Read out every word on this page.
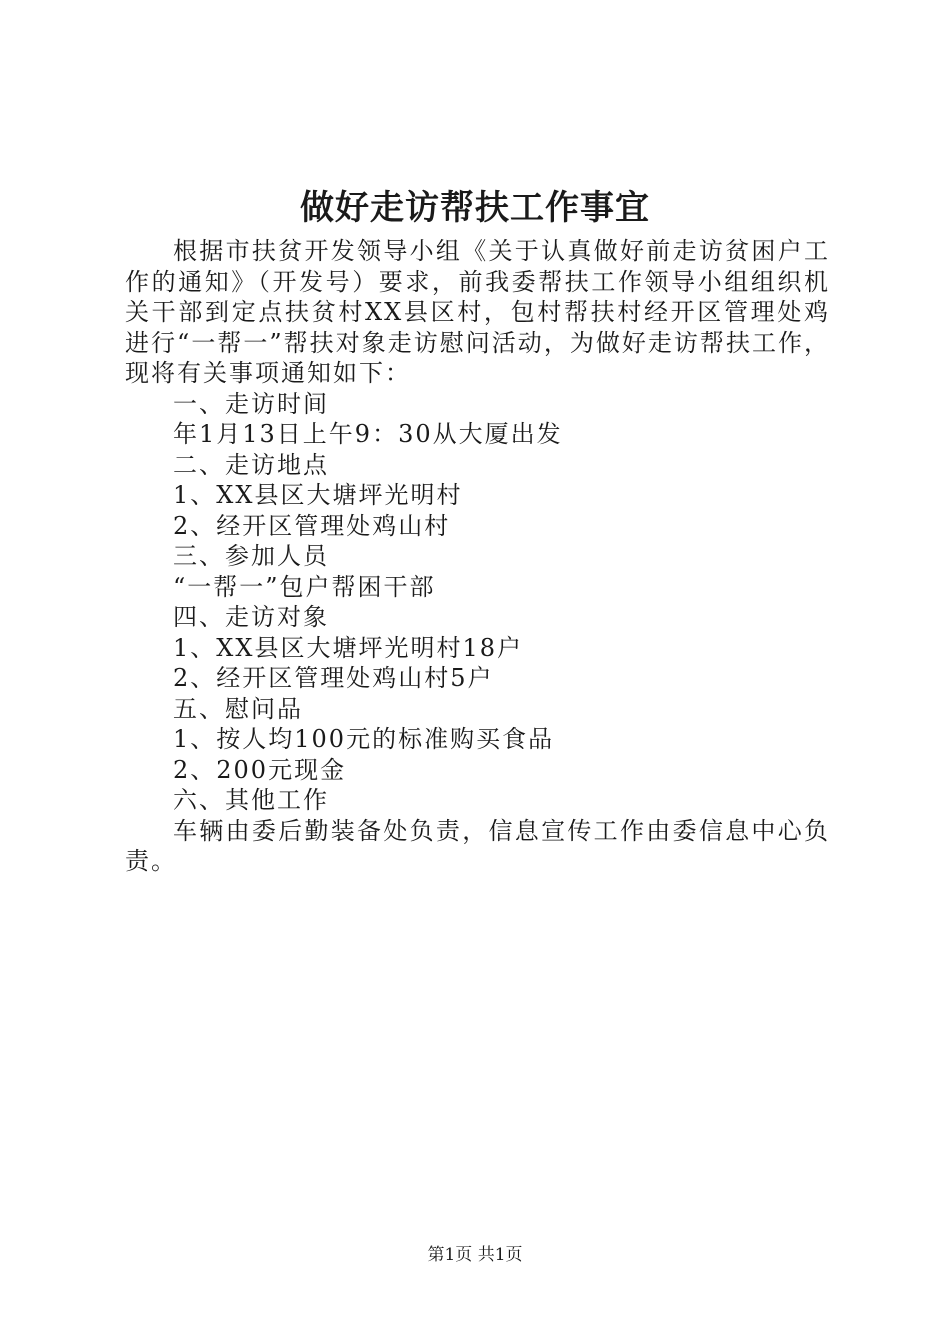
做好走访帮扶工作事宜

根据市扶贫开发领导小组《关于认真做好前走访贫困户工作的通知》（开发号）要求，前我委帮扶工作领导小组组织机关干部到定点扶贫村XX县区村，包村帮扶村经开区管理处鸡进行“一帮一”帮扶对象走访慰问活动，为做好走访帮扶工作，现将有关事项通知如下：

一、走访时间

年1月13日上午9：30从大厦出发

二、走访地点

1、XX县区大塘坪光明村

2、经开区管理处鸡山村

三、参加人员

“一帮一”包户帮困干部

四、走访对象

1、XX县区大塘坪光明村18户

2、经开区管理处鸡山村5户

五、慰问品

1、按人均100元的标准购买食品

2、200元现金

六、其他工作

车辆由委后勤装备处负责，信息宣传工作由委信息中心负责。

第1页 共1页
